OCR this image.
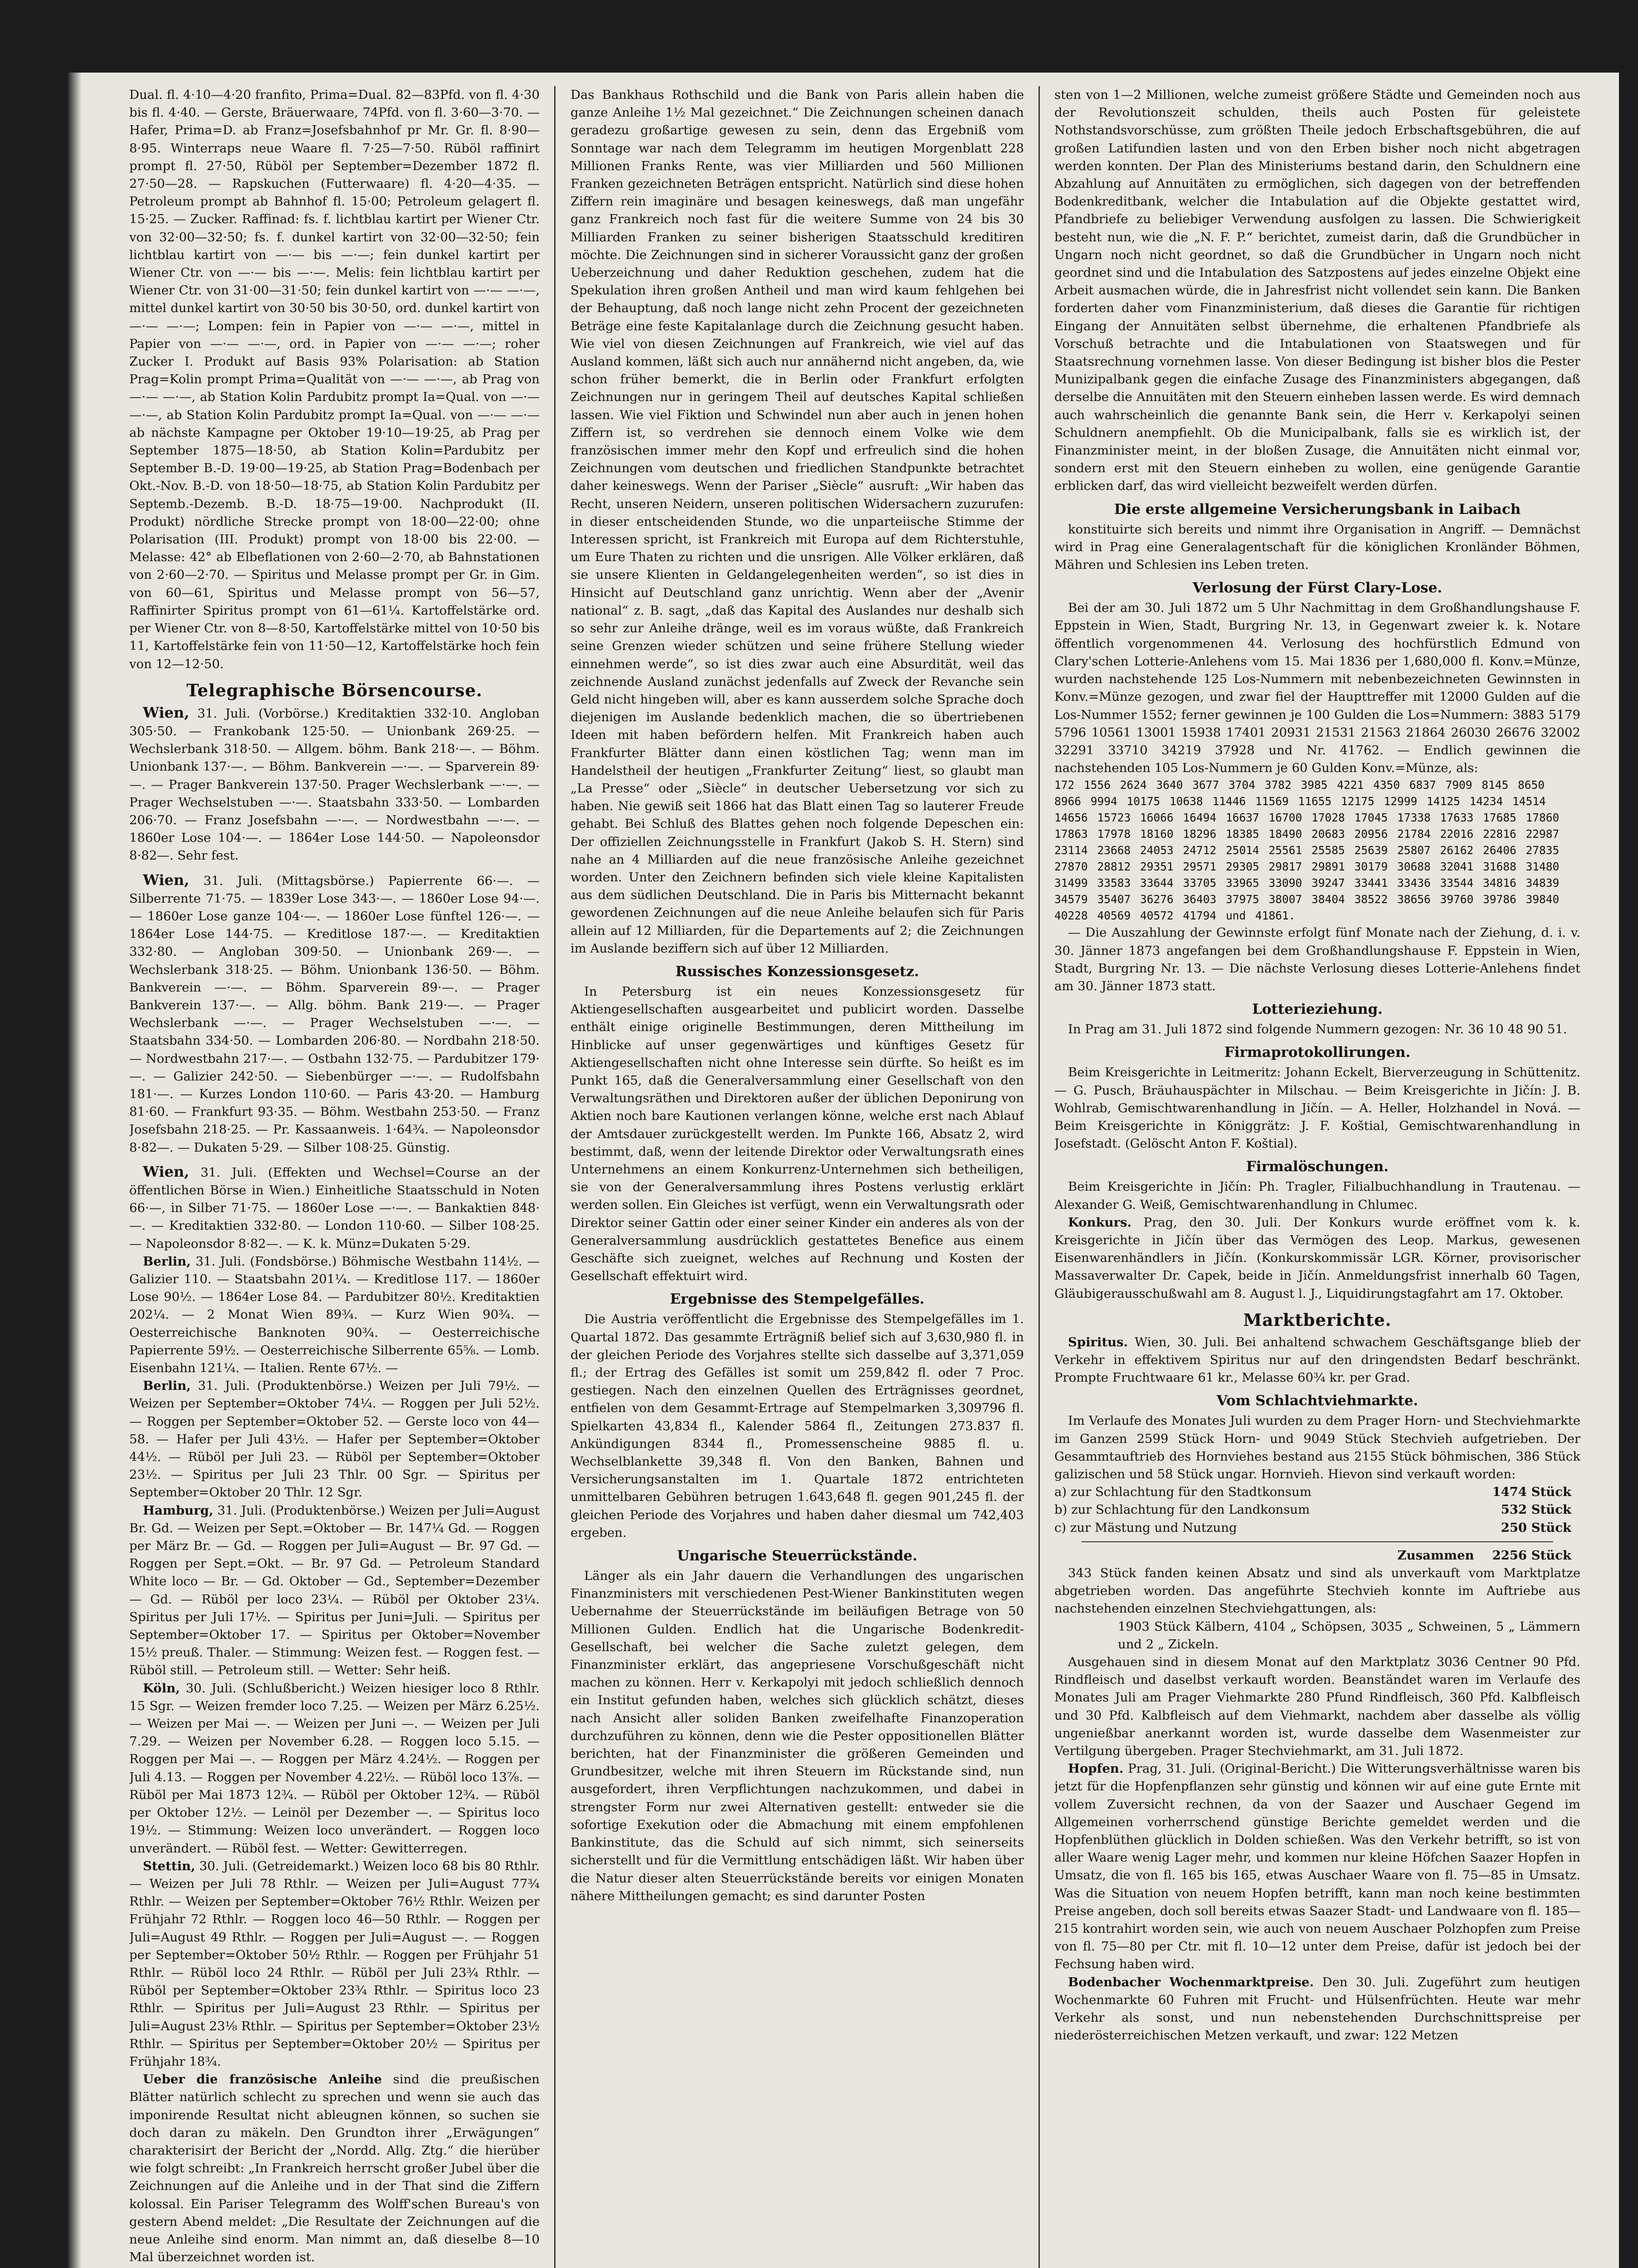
Dual. fl. 4·10—4·20 franfito, Prima=Dual. 82—83Pfd. von fl. 4·30 bis fl. 4·40. — Gerste, Bräuerwaare, 74Pfd. von fl. 3·60—3·70. — Hafer, Prima=D. ab Franz=Josefsbahnhof pr Mr. Gr. fl. 8·90—8·95. Winterraps neue Waare fl. 7·25—7·50. Rüböl raffinirt prompt fl. 27·50, Rüböl per September=Dezember 1872 fl. 27·50—28. — Rapskuchen (Futterwaare) fl. 4·20—4·35. — Petroleum prompt ab Bahnhof fl. 15·00; Petroleum gelagert fl. 15·25. — Zucker. Raffinad: fs. f. lichtblau kartirt per Wiener Ctr. von 32·00—32·50; fs. f. dunkel kartirt von 32·00—32·50; fein lichtblau kartirt von —·— bis —·—; fein dunkel kartirt per Wiener Ctr. von —·— bis —·—. Melis: fein lichtblau kartirt per Wiener Ctr. von 31·00—31·50; fein dunkel kartirt von —·— —·—, mittel dunkel kartirt von 30·50 bis 30·50, ord. dunkel kartirt von —·— —·—; Lompen: fein in Papier von —·— —·—, mittel in Papier von —·— —·—, ord. in Papier von —·— —·—; roher Zucker I. Produkt auf Basis 93% Polarisation: ab Station Prag=Kolin prompt Prima=Qualität von —·— —·—, ab Prag von —·— —·—, ab Station Kolin Pardubitz prompt Ia=Qual. von —·— —·—, ab Station Kolin Pardubitz prompt Ia=Qual. von —·— —·— ab nächste Kampagne per Oktober 19·10—19·25, ab Prag per September 1875—18·50, ab Station Kolin=Pardubitz per September B.-D. 19·00—19·25, ab Station Prag=Bodenbach per Okt.-Nov. B.-D. von 18·50—18·75, ab Station Kolin Pardubitz per Septemb.-Dezemb. B.-D. 18·75—19·00. Nachprodukt (II. Produkt) nördliche Strecke prompt von 18·00—22·00; ohne Polarisation (III. Produkt) prompt von 18·00 bis 22·00. — Melasse: 42° ab Elbeflationen von 2·60—2·70, ab Bahnstationen von 2·60—2·70. — Spiritus und Melasse prompt per Gr. in Gim. von 60—61, Spiritus und Melasse prompt von 56—57, Raffinirter Spiritus prompt von 61—61¼. Kartoffelstärke ord. per Wiener Ctr. von 8—8·50, Kartoffelstärke mittel von 10·50 bis 11, Kartoffelstärke fein von 11·50—12, Kartoffelstärke hoch fein von 12—12·50.

Telegraphische Börsencourse.

Wien, 31. Juli. (Vorbörse.) Kreditaktien 332·10. Angloban 305·50. — Frankobank 125·50. — Unionbank 269·25. — Wechslerbank 318·50. — Allgem. böhm. Bank 218·—. — Böhm. Unionbank 137·—. — Böhm. Bankverein —·—. — Sparverein 89·—. — Prager Bankverein 137·50. Prager Wechslerbank —·—. — Prager Wechselstuben —·—. Staatsbahn 333·50. — Lombarden 206·70. — Franz Josefsbahn —·—. — Nordwestbahn —·—. — 1860er Lose 104·—. — 1864er Lose 144·50. — Napoleonsdor 8·82—. Sehr fest.

Wien, 31. Juli. (Mittagsbörse.) Papierrente 66·—. — Silberrente 71·75. — 1839er Lose 343·—. — 1860er Lose 94·—. — 1860er Lose ganze 104·—. — 1860er Lose fünftel 126·—. — 1864er Lose 144·75. — Kreditlose 187·—. — Kreditaktien 332·80. — Angloban 309·50. — Unionbank 269·—. — Wechslerbank 318·25. — Böhm. Unionbank 136·50. — Böhm. Bankverein —·—. — Böhm. Sparverein 89·—. — Prager Bankverein 137·—. — Allg. böhm. Bank 219·—. — Prager Wechslerbank —·—. — Prager Wechselstuben —·—. — Staatsbahn 334·50. — Lombarden 206·80. — Nordbahn 218·50. — Nordwestbahn 217·—. — Ostbahn 132·75. — Pardubitzer 179·—. — Galizier 242·50. — Siebenbürger —·—. — Rudolfsbahn 181·—. — Kurzes London 110·60. — Paris 43·20. — Hamburg 81·60. — Frankfurt 93·35. — Böhm. Westbahn 253·50. — Franz Josefsbahn 218·25. — Pr. Kassaanweis. 1·64¾. — Napoleonsdor 8·82—. — Dukaten 5·29. — Silber 108·25. Günstig.

Wien, 31. Juli. (Effekten und Wechsel=Course an der öffentlichen Börse in Wien.) Einheitliche Staatsschuld in Noten 66·—, in Silber 71·75. — 1860er Lose —·—. — Bankaktien 848·—. — Kreditaktien 332·80. — London 110·60. — Silber 108·25. — Napoleonsdor 8·82—. — K. k. Münz=Dukaten 5·29.

Berlin, 31. Juli. (Fondsbörse.) Böhmische Westbahn 114½. — Galizier 110. — Staatsbahn 201¼. — Kreditlose 117. — 1860er Lose 90½. — 1864er Lose 84. — Pardubitzer 80½. Kreditaktien 202¼. — 2 Monat Wien 89¾. — Kurz Wien 90¾. — Oesterreichische Banknoten 90¾. — Oesterreichische Papierrente 59½. — Oesterreichische Silberrente 65⅝. — Lomb. Eisenbahn 121¼. — Italien. Rente 67½. —

Berlin, 31. Juli. (Produktenbörse.) Weizen per Juli 79½. — Weizen per September=Oktober 74¼. — Roggen per Juli 52½. — Roggen per September=Oktober 52. — Gerste loco von 44—58. — Hafer per Juli 43½. — Hafer per September=Oktober 44½. — Rüböl per Juli 23. — Rüböl per September=Oktober 23½. — Spiritus per Juli 23 Thlr. 00 Sgr. — Spiritus per September=Oktober 20 Thlr. 12 Sgr.

Hamburg, 31. Juli. (Produktenbörse.) Weizen per Juli=August Br. Gd. — Weizen per Sept.=Oktober — Br. 147¼ Gd. — Roggen per März Br. — Gd. — Roggen per Juli=August — Br. 97 Gd. — Roggen per Sept.=Okt. — Br. 97 Gd. — Petroleum Standard White loco — Br. — Gd. Oktober — Gd., September=Dezember — Gd. — Rüböl per loco 23¼. — Rüböl per Oktober 23¼. Spiritus per Juli 17½. — Spiritus per Juni=Juli. — Spiritus per September=Oktober 17. — Spiritus per Oktober=November 15½ preuß. Thaler. — Stimmung: Weizen fest. — Roggen fest. — Rüböl still. — Petroleum still. — Wetter: Sehr heiß.

Köln, 30. Juli. (Schlußbericht.) Weizen hiesiger loco 8 Rthlr. 15 Sgr. — Weizen fremder loco 7.25. — Weizen per März 6.25½. — Weizen per Mai —. — Weizen per Juni —. — Weizen per Juli 7.29. — Weizen per November 6.28. — Roggen loco 5.15. — Roggen per Mai —. — Roggen per März 4.24½. — Roggen per Juli 4.13. — Roggen per November 4.22½. — Rüböl loco 13⅞. — Rüböl per Mai 1873 12¾. — Rüböl per Oktober 12¾. — Rüböl per Oktober 12½. — Leinöl per Dezember —. — Spiritus loco 19½. — Stimmung: Weizen loco unverändert. — Roggen loco unverändert. — Rüböl fest. — Wetter: Gewitterregen.

Stettin, 30. Juli. (Getreidemarkt.) Weizen loco 68 bis 80 Rthlr. — Weizen per Juli 78 Rthlr. — Weizen per Juli=August 77¾ Rthlr. — Weizen per September=Oktober 76½ Rthlr. Weizen per Frühjahr 72 Rthlr. — Roggen loco 46—50 Rthlr. — Roggen per Juli=August 49 Rthlr. — Roggen per Juli=August —. — Roggen per September=Oktober 50½ Rthlr. — Roggen per Frühjahr 51 Rthlr. — Rüböl loco 24 Rthlr. — Rüböl per Juli 23¾ Rthlr. — Rüböl per September=Oktober 23¾ Rthlr. — Spiritus loco 23 Rthlr. — Spiritus per Juli=August 23 Rthlr. — Spiritus per Juli=August 23⅛ Rthlr. — Spiritus per September=Oktober 23½ Rthlr. — Spiritus per September=Oktober 20½ — Spiritus per Frühjahr 18¾.

Ueber die französische Anleihe sind die preußischen Blätter natürlich schlecht zu sprechen und wenn sie auch das imponirende Resultat nicht ableugnen können, so suchen sie doch daran zu mäkeln. Den Grundton ihrer „Erwägungen“ charakterisirt der Bericht der „Nordd. Allg. Ztg.“ die hierüber wie folgt schreibt: „In Frankreich herrscht großer Jubel über die Zeichnungen auf die Anleihe und in der That sind die Ziffern kolossal. Ein Pariser Telegramm des Wolff'schen Bureau's von gestern Abend meldet: „Die Resultate der Zeichnungen auf die neue Anleihe sind enorm. Man nimmt an, daß dieselbe 8—10 Mal überzeichnet worden ist.

Das Bankhaus Rothschild und die Bank von Paris allein haben die ganze Anleihe 1½ Mal gezeichnet.“ Die Zeichnungen scheinen danach geradezu großartige gewesen zu sein, denn das Ergebniß vom Sonntage war nach dem Telegramm im heutigen Morgenblatt 228 Millionen Franks Rente, was vier Milliarden und 560 Millionen Franken gezeichneten Beträgen entspricht. Natürlich sind diese hohen Ziffern rein imaginäre und besagen keineswegs, daß man ungefähr ganz Frankreich noch fast für die weitere Summe von 24 bis 30 Milliarden Franken zu seiner bisherigen Staatsschuld kreditiren möchte. Die Zeichnungen sind in sicherer Voraussicht ganz der großen Ueberzeichnung und daher Reduktion geschehen, zudem hat die Spekulation ihren großen Antheil und man wird kaum fehlgehen bei der Behauptung, daß noch lange nicht zehn Procent der gezeichneten Beträge eine feste Kapitalanlage durch die Zeichnung gesucht haben. Wie viel von diesen Zeichnungen auf Frankreich, wie viel auf das Ausland kommen, läßt sich auch nur annähernd nicht angeben, da, wie schon früher bemerkt, die in Berlin oder Frankfurt erfolgten Zeichnungen nur in geringem Theil auf deutsches Kapital schließen lassen. Wie viel Fiktion und Schwindel nun aber auch in jenen hohen Ziffern ist, so verdrehen sie dennoch einem Volke wie dem französischen immer mehr den Kopf und erfreulich sind die hohen Zeichnungen vom deutschen und friedlichen Standpunkte betrachtet daher keineswegs. Wenn der Pariser „Siècle“ ausruft: „Wir haben das Recht, unseren Neidern, unseren politischen Widersachern zuzurufen: in dieser entscheidenden Stunde, wo die unparteiische Stimme der Interessen spricht, ist Frankreich mit Europa auf dem Richterstuhle, um Eure Thaten zu richten und die unsrigen. Alle Völker erklären, daß sie unsere Klienten in Geldangelegenheiten werden“, so ist dies in Hinsicht auf Deutschland ganz unrichtig. Wenn aber der „Avenir national“ z. B. sagt, „daß das Kapital des Auslandes nur deshalb sich so sehr zur Anleihe dränge, weil es im voraus wüßte, daß Frankreich seine Grenzen wieder schützen und seine frühere Stellung wieder einnehmen werde“, so ist dies zwar auch eine Absurdität, weil das zeichnende Ausland zunächst jedenfalls auf Zweck der Revanche sein Geld nicht hingeben will, aber es kann ausserdem solche Sprache doch diejenigen im Auslande bedenklich machen, die so übertriebenen Ideen mit haben befördern helfen. Mit Frankreich haben auch Frankfurter Blätter dann einen köstlichen Tag; wenn man im Handelstheil der heutigen „Frankfurter Zeitung“ liest, so glaubt man „La Presse“ oder „Siècle“ in deutscher Uebersetzung vor sich zu haben. Nie gewiß seit 1866 hat das Blatt einen Tag so lauterer Freude gehabt. Bei Schluß des Blattes gehen noch folgende Depeschen ein: Der offiziellen Zeichnungsstelle in Frankfurt (Jakob S. H. Stern) sind nahe an 4 Milliarden auf die neue französische Anleihe gezeichnet worden. Unter den Zeichnern befinden sich viele kleine Kapitalisten aus dem südlichen Deutschland. Die in Paris bis Mitternacht bekannt gewordenen Zeichnungen auf die neue Anleihe belaufen sich für Paris allein auf 12 Milliarden, für die Departements auf 2; die Zeichnungen im Auslande beziffern sich auf über 12 Milliarden.

Russisches Konzessionsgesetz.

In Petersburg ist ein neues Konzessionsgesetz für Aktiengesellschaften ausgearbeitet und publicirt worden. Dasselbe enthält einige originelle Bestimmungen, deren Mittheilung im Hinblicke auf unser gegenwärtiges und künftiges Gesetz für Aktiengesellschaften nicht ohne Interesse sein dürfte. So heißt es im Punkt 165, daß die Generalversammlung einer Gesellschaft von den Verwaltungsräthen und Direktoren außer der üblichen Deponirung von Aktien noch bare Kautionen verlangen könne, welche erst nach Ablauf der Amtsdauer zurückgestellt werden. Im Punkte 166, Absatz 2, wird bestimmt, daß, wenn der leitende Direktor oder Verwaltungsrath eines Unternehmens an einem Konkurrenz-Unternehmen sich betheiligen, sie von der Generalversammlung ihres Postens verlustig erklärt werden sollen. Ein Gleiches ist verfügt, wenn ein Verwaltungsrath oder Direktor seiner Gattin oder einer seiner Kinder ein anderes als von der Generalversammlung ausdrücklich gestattetes Benefice aus einem Geschäfte sich zueignet, welches auf Rechnung und Kosten der Gesellschaft effektuirt wird.

Ergebnisse des Stempelgefälles.

Die Austria veröffentlicht die Ergebnisse des Stempelgefälles im 1. Quartal 1872. Das gesammte Erträgniß belief sich auf 3,630,980 fl. in der gleichen Periode des Vorjahres stellte sich dasselbe auf 3,371,059 fl.; der Ertrag des Gefälles ist somit um 259,842 fl. oder 7 Proc. gestiegen. Nach den einzelnen Quellen des Erträgnisses geordnet, entfielen von dem Gesammt-Ertrage auf Stempelmarken 3,309796 fl. Spielkarten 43,834 fl., Kalender 5864 fl., Zeitungen 273.837 fl. Ankündigungen 8344 fl., Promessenscheine 9885 fl. u. Wechselblankette 39,348 fl. Von den Banken, Bahnen und Versicherungsanstalten im 1. Quartale 1872 entrichteten unmittelbaren Gebühren betrugen 1.643,648 fl. gegen 901,245 fl. der gleichen Periode des Vorjahres und haben daher diesmal um 742,403 ergeben.

Ungarische Steuerrückstände.

Länger als ein Jahr dauern die Verhandlungen des ungarischen Finanzministers mit verschiedenen Pest-Wiener Bankinstituten wegen Uebernahme der Steuerrückstände im beiläufigen Betrage von 50 Millionen Gulden. Endlich hat die Ungarische Bodenkredit-Gesellschaft, bei welcher die Sache zuletzt gelegen, dem Finanzminister erklärt, das angepriesene Vorschußgeschäft nicht machen zu können. Herr v. Kerkapolyi mit jedoch schließlich dennoch ein Institut gefunden haben, welches sich glücklich schätzt, dieses nach Ansicht aller soliden Banken zweifelhafte Finanzoperation durchzuführen zu können, denn wie die Pester oppositionellen Blätter berichten, hat der Finanzminister die größeren Gemeinden und Grundbesitzer, welche mit ihren Steuern im Rückstande sind, nun ausgefordert, ihren Verpflichtungen nachzukommen, und dabei in strengster Form nur zwei Alternativen gestellt: entweder sie die sofortige Exekution oder die Abmachung mit einem empfohlenen Bankinstitute, das die Schuld auf sich nimmt, sich seinerseits sicherstellt und für die Vermittlung entschädigen läßt. Wir haben über die Natur dieser alten Steuerrückstände bereits vor einigen Monaten nähere Mittheilungen gemacht; es sind darunter Posten

sten von 1—2 Millionen, welche zumeist größere Städte und Gemeinden noch aus der Revolutionszeit schulden, theils auch Posten für geleistete Nothstandsvorschüsse, zum größten Theile jedoch Erbschaftsgebühren, die auf großen Latifundien lasten und von den Erben bisher noch nicht abgetragen werden konnten. Der Plan des Ministeriums bestand darin, den Schuldnern eine Abzahlung auf Annuitäten zu ermöglichen, sich dagegen von der betreffenden Bodenkreditbank, welcher die Intabulation auf die Objekte gestattet wird, Pfandbriefe zu beliebiger Verwendung ausfolgen zu lassen. Die Schwierigkeit besteht nun, wie die „N. F. P.“ berichtet, zumeist darin, daß die Grundbücher in Ungarn noch nicht geordnet, so daß die Grundbücher in Ungarn noch nicht geordnet sind und die Intabulation des Satzpostens auf jedes einzelne Objekt eine Arbeit ausmachen würde, die in Jahresfrist nicht vollendet sein kann. Die Banken forderten daher vom Finanzministerium, daß dieses die Garantie für richtigen Eingang der Annuitäten selbst übernehme, die erhaltenen Pfandbriefe als Vorschuß betrachte und die Intabulationen von Staatswegen und für Staatsrechnung vornehmen lasse. Von dieser Bedingung ist bisher blos die Pester Munizipalbank gegen die einfache Zusage des Finanzministers abgegangen, daß derselbe die Annuitäten mit den Steuern einheben lassen werde. Es wird demnach auch wahrscheinlich die genannte Bank sein, die Herr v. Kerkapolyi seinen Schuldnern anempfiehlt. Ob die Municipalbank, falls sie es wirklich ist, der Finanzminister meint, in der bloßen Zusage, die Annuitäten nicht einmal vor, sondern erst mit den Steuern einheben zu wollen, eine genügende Garantie erblicken darf, das wird vielleicht bezweifelt werden dürfen.

Die erste allgemeine Versicherungsbank in Laibach

konstituirte sich bereits und nimmt ihre Organisation in Angriff. — Demnächst wird in Prag eine Generalagentschaft für die königlichen Kronländer Böhmen, Mähren und Schlesien ins Leben treten.

Verlosung der Fürst Clary-Lose.

Bei der am 30. Juli 1872 um 5 Uhr Nachmittag in dem Großhandlungshause F. Eppstein in Wien, Stadt, Burgring Nr. 13, in Gegenwart zweier k. k. Notare öffentlich vorgenommenen 44. Verlosung des hochfürstlich Edmund von Clary'schen Lotterie-Anlehens vom 15. Mai 1836 per 1,680,000 fl. Konv.=Münze, wurden nachstehende 125 Los-Nummern mit nebenbezeichneten Gewinnsten in Konv.=Münze gezogen, und zwar fiel der Haupttreffer mit 12000 Gulden auf die Los-Nummer 1552; ferner gewinnen je 100 Gulden die Los=Nummern: 3883 5179 5796 10561 13001 15938 17401 20931 21531 21563 21864 26030 26676 32002 32291 33710 34219 37928 und Nr. 41762. — Endlich gewinnen die nachstehenden 105 Los-Nummern je 60 Gulden Konv.=Münze, als:

172 1556 2624 3640 3677 3704 3782 3985 4221 4350 6837 7909 8145 8650 8966 9994 10175 10638 11446 11569 11655 12175 12999 14125 14234 14514 14656 15723 16066 16494 16637 16700 17028 17045 17338 17633 17685 17860 17863 17978 18160 18296 18385 18490 20683 20956 21784 22016 22816 22987 23114 23668 24053 24712 25014 25561 25585 25639 25807 26162 26406 27835 27870 28812 29351 29571 29305 29817 29891 30179 30688 32041 31688 31480 31499 33583 33644 33705 33965 33090 39247 33441 33436 33544 34816 34839 34579 35407 36276 36403 37975 38007 38404 38522 38656 39760 39786 39840 40228 40569 40572 41794 und 41861.

— Die Auszahlung der Gewinnste erfolgt fünf Monate nach der Ziehung, d. i. v. 30. Jänner 1873 angefangen bei dem Großhandlungshause F. Eppstein in Wien, Stadt, Burgring Nr. 13. — Die nächste Verlosung dieses Lotterie-Anlehens findet am 30. Jänner 1873 statt.

Lotterieziehung.

In Prag am 31. Juli 1872 sind folgende Nummern gezogen: Nr. 36 10 48 90 51.

Firmaprotokollirungen.

Beim Kreisgerichte in Leitmeritz: Johann Eckelt, Bierverzeugung in Schüttenitz. — G. Pusch, Bräuhauspächter in Milschau. — Beim Kreisgerichte in Jičín: J. B. Wohlrab, Gemischtwarenhandlung in Jičín. — A. Heller, Holzhandel in Nová. — Beim Kreisgerichte in Königgrätz: J. F. Koštial, Gemischtwarenhandlung in Josefstadt. (Gelöscht Anton F. Koštial).

Firmalöschungen.

Beim Kreisgerichte in Jičín: Ph. Tragler, Filialbuchhandlung in Trautenau. — Alexander G. Weiß, Gemischtwarenhandlung in Chlumec.

Konkurs. Prag, den 30. Juli. Der Konkurs wurde eröffnet vom k. k. Kreisgerichte in Jičín über das Vermögen des Leop. Markus, gewesenen Eisenwarenhändlers in Jičín. (Konkurskommissär LGR. Körner, provisorischer Massaverwalter Dr. Capek, beide in Jičín. Anmeldungsfrist innerhalb 60 Tagen, Gläubigerausschußwahl am 8. August l. J., Liquidirungstagfahrt am 17. Oktober.

Marktberichte.

Spiritus. Wien, 30. Juli. Bei anhaltend schwachem Geschäftsgange blieb der Verkehr in effektivem Spiritus nur auf den dringendsten Bedarf beschränkt. Prompte Fruchtwaare 61 kr., Melasse 60¾ kr. per Grad.

Vom Schlachtviehmarkte.

Im Verlaufe des Monates Juli wurden zu dem Prager Horn- und Stechviehmarkte im Ganzen 2599 Stück Horn- und 9049 Stück Stechvieh aufgetrieben. Der Gesammtauftrieb des Hornviehes bestand aus 2155 Stück böhmischen, 386 Stück galizischen und 58 Stück ungar. Hornvieh. Hievon sind verkauft worden:

a) zur Schlachtung für den Stadtkonsum	1474 Stück
b) zur Schlachtung für den Landkonsum	532 Stück
c) zur Mästung und Nutzung	250 Stück
Zusammen 2256 Stück

343 Stück fanden keinen Absatz und sind als unverkauft vom Marktplatze abgetrieben worden. Das angeführte Stechvieh konnte im Auftriebe aus nachstehenden einzelnen Stechviehgattungen, als:

1903 Stück Kälbern, 4104 „ Schöpsen, 3035 „ Schweinen, 5 „ Lämmern und 2 „ Zickeln.

Ausgehauen sind in diesem Monat auf den Marktplatz 3036 Centner 90 Pfd. Rindfleisch und daselbst verkauft worden. Beanständet waren im Verlaufe des Monates Juli am Prager Viehmarkte 280 Pfund Rindfleisch, 360 Pfd. Kalbfleisch und 30 Pfd. Kalbfleisch auf dem Viehmarkt, nachdem aber dasselbe als völlig ungenießbar anerkannt worden ist, wurde dasselbe dem Wasenmeister zur Vertilgung übergeben. Prager Stechviehmarkt, am 31. Juli 1872.

Hopfen. Prag, 31. Juli. (Original-Bericht.) Die Witterungsverhältnisse waren bis jetzt für die Hopfenpflanzen sehr günstig und können wir auf eine gute Ernte mit vollem Zuversicht rechnen, da von der Saazer und Auschaer Gegend im Allgemeinen vorherrschend günstige Berichte gemeldet werden und die Hopfenblüthen glücklich in Dolden schießen. Was den Verkehr betrifft, so ist von aller Waare wenig Lager mehr, und kommen nur kleine Höfchen Saazer Hopfen in Umsatz, die von fl. 165 bis 165, etwas Auschaer Waare von fl. 75—85 in Umsatz. Was die Situation von neuem Hopfen betrifft, kann man noch keine bestimmten Preise angeben, doch soll bereits etwas Saazer Stadt- und Landwaare von fl. 185—215 kontrahirt worden sein, wie auch von neuem Auschaer Polzhopfen zum Preise von fl. 75—80 per Ctr. mit fl. 10—12 unter dem Preise, dafür ist jedoch bei der Fechsung haben wird.

Bodenbacher Wochenmarktpreise. Den 30. Juli. Zugeführt zum heutigen Wochenmarkte 60 Fuhren mit Frucht- und Hülsenfrüchten. Heute war mehr Verkehr als sonst, und nun nebenstehenden Durchschnittspreise per niederösterreichischen Metzen verkauft, und zwar: 122 Metzen
